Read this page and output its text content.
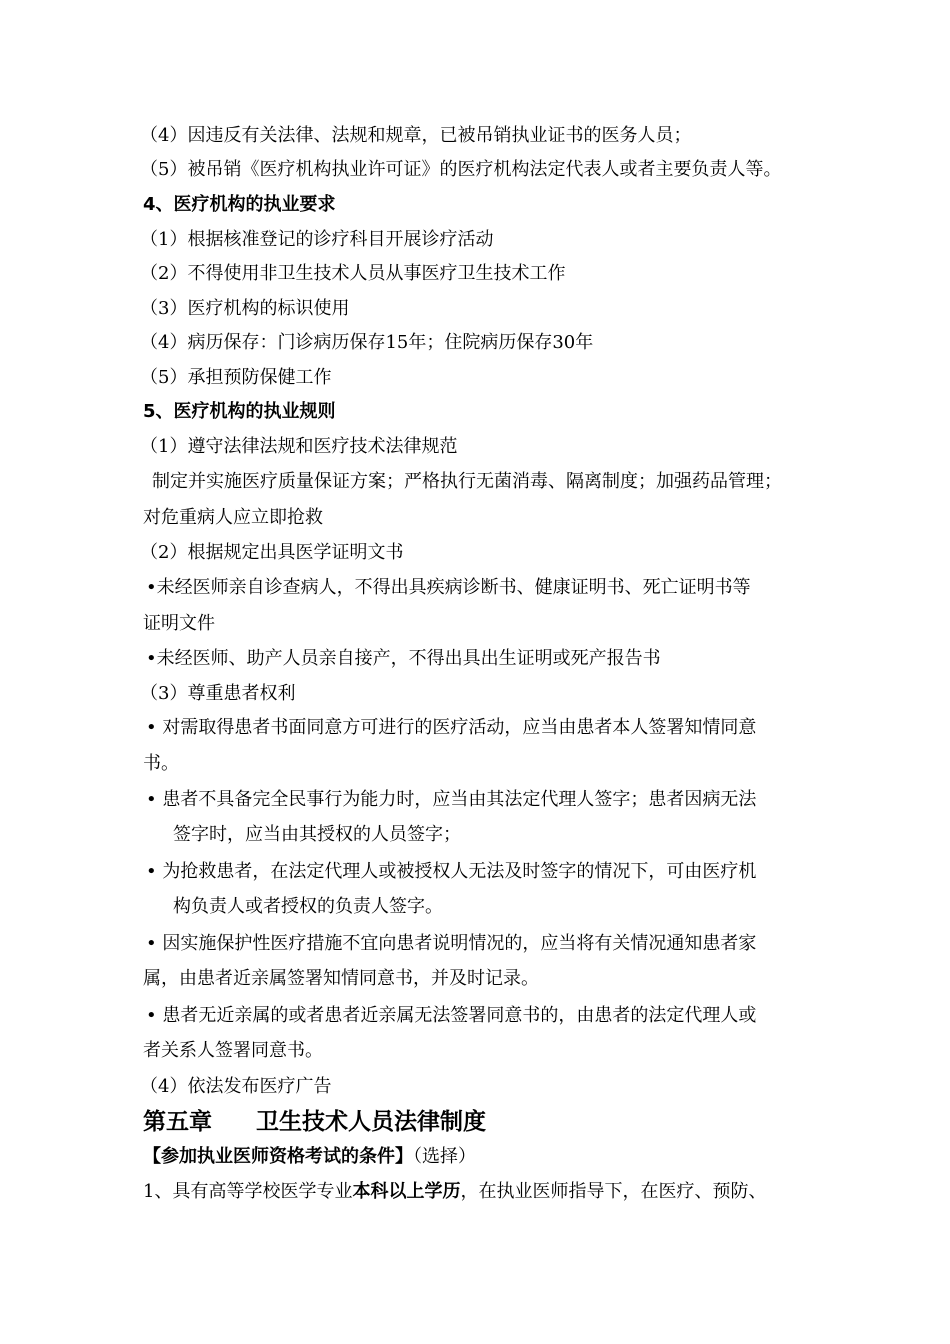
（4）因违反有关法律、法规和规章，已被吊销执业证书的医务人员；
（5）被吊销《医疗机构执业许可证》的医疗机构法定代表人或者主要负责人等。
4、医疗机构的执业要求
（1）根据核准登记的诊疗科目开展诊疗活动
（2）不得使用非卫生技术人员从事医疗卫生技术工作
（3）医疗机构的标识使用
（4）病历保存：门诊病历保存15年；住院病历保存30年
（5）承担预防保健工作
5、医疗机构的执业规则
（1）遵守法律法规和医疗技术法律规范
制定并实施医疗质量保证方案；严格执行无菌消毒、隔离制度；加强药品管理；
对危重病人应立即抢救
（2）根据规定出具医学证明文书
•未经医师亲自诊查病人，不得出具疾病诊断书、健康证明书、死亡证明书等
证明文件
•未经医师、助产人员亲自接产，不得出具出生证明或死产报告书
（3）尊重患者权利
• 对需取得患者书面同意方可进行的医疗活动，应当由患者本人签署知情同意
书。
• 患者不具备完全民事行为能力时，应当由其法定代理人签字；患者因病无法
签字时，应当由其授权的人员签字；
• 为抢救患者，在法定代理人或被授权人无法及时签字的情况下，可由医疗机
构负责人或者授权的负责人签字。
• 因实施保护性医疗措施不宜向患者说明情况的，应当将有关情况通知患者家
属，由患者近亲属签署知情同意书，并及时记录。
• 患者无近亲属的或者患者近亲属无法签署同意书的，由患者的法定代理人或
者关系人签署同意书。
（4）依法发布医疗广告
第五章 卫生技术人员法律制度
【参加执业医师资格考试的条件】（选择）
1、具有高等学校医学专业本科以上学历，在执业医师指导下，在医疗、预防、
